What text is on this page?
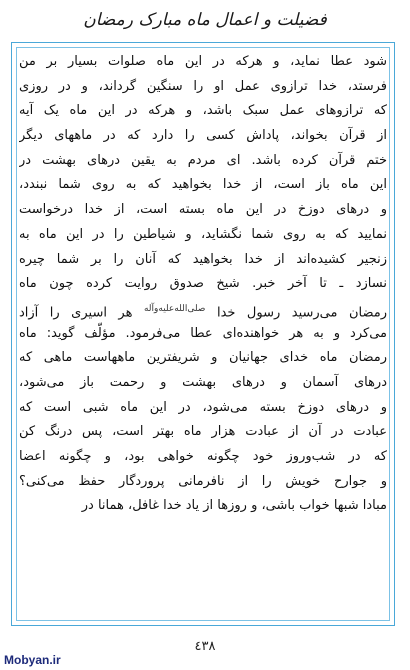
فضیلت و اعمال ماه مبارک رمضان
شود عطا نماید، و هرکه در این ماه صلوات بسیار بر من
فرستد، خدا ترازوی عمل او را سنگین گرداند، و در روزی
که ترازوهای عمل سبک باشد، و هرکه در این ماه یک آیه
از قرآن بخواند، پاداش کسی را دارد که در ماههای دیگر
ختم قرآن کرده باشد. ای مردم به یقین درهای بهشت در
این ماه باز است، از خدا بخواهید که به روی شما نبندد،
و درهای دوزخ در این ماه بسته است، از خدا درخواست
نمایید که به روی شما نگشاید، و شیاطین را در این ماه به
زنجیر کشیده‌اند از خدا بخواهید که آنان را بر شما چیره
نسازد ـ تا آخر خبر. شیخ صدوق روایت کرده چون ماه
رمضان می‌رسید رسول خدا $^{صلی‌الله‌علیه‌وآله}$ هر اسیری را آزاد
می‌کرد و به هر خواهنده‌ای عطا می‌فرمود. مؤلّف گوید: ماه
رمضان ماه خدای جهانیان و شریفترین ماههاست ماهی که
درهای آسمان و درهای بهشت و رحمت باز می‌شود،
و درهای دوزخ بسته می‌شود، در این ماه شبی است که
عبادت در آن از عبادت هزار ماه بهتر است، پس درنگ کن
که در شب‌وروز خود چگونه خواهی بود، و چگونه اعضا
و جوارح خویش را از نافرمانی پروردگار حفظ می‌کنی؟
مبادا شبها خواب باشی، و روزها از یاد خدا غافل، همانا در
٤٣٨
Mobyan.ir
